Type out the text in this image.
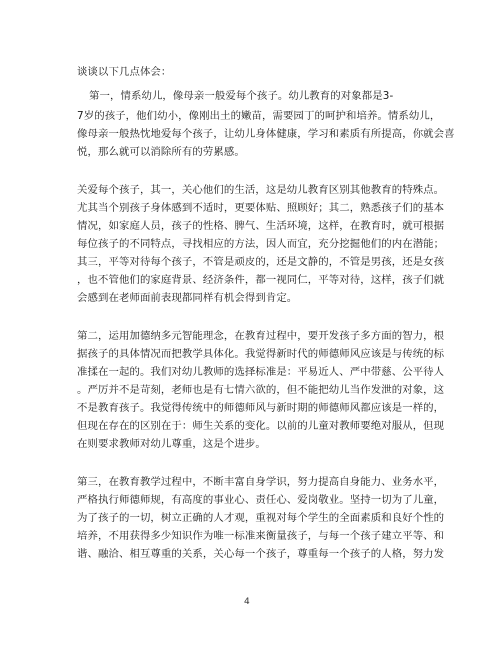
谈谈以下几点体会：
第一，情系幼儿，像母亲一般爱每个孩子。幼儿教育的对象都是3-
7岁的孩子，他们幼小，像刚出土的嫩苗，需要园丁的呵护和培养。情系幼儿，
像母亲一般热忱地爱每个孩子，让幼儿身体健康，学习和素质有所提高，你就会喜
悦，那么就可以消除所有的劳累感。
关爱每个孩子，其一，关心他们的生活，这是幼儿教育区别其他教育的特殊点。
尤其当个别孩子身体感到不适时，更要体贴、照顾好；其二，熟悉孩子们的基本
情况，如家庭人员，孩子的性格、脾气、生活环境，这样，在教育时，就可根据
每位孩子的不同特点，寻找相应的方法，因人而宜，充分挖掘他们的内在潜能；
其三，平等对待每个孩子，不管是顽皮的，还是文静的，不管是男孩，还是女孩
，也不管他们的家庭背景、经济条件，都一视同仁，平等对待，这样，孩子们就
会感到在老师面前表现都同样有机会得到肯定。
第二，运用加德纳多元智能理念，在教育过程中，要开发孩子多方面的智力，根
据孩子的具体情况而把教学具体化。我觉得新时代的师德师风应该是与传统的标
准揉在一起的。我们对幼儿教师的选择标准是：平易近人、严中带慈、公平待人
。严厉并不是苛刻，老师也是有七情六欲的，但不能把幼儿当作发泄的对象，这
不是教育孩子。我觉得传统中的师德师风与新时期的师德师风都应该是一样的，
但现在存在的区别在于：师生关系的变化。以前的儿童对教师要绝对服从，但现
在则要求教师对幼儿尊重，这是个进步。
第三，在教育教学过程中，不断丰富自身学识，努力提高自身能力、业务水平，
严格执行师德师规，有高度的事业心、责任心、爱岗敬业。坚持一切为了儿童，
为了孩子的一切，树立正确的人才观，重视对每个学生的全面素质和良好个性的
培养，不用获得多少知识作为唯一标准来衡量孩子，与每一个孩子建立平等、和
谐、融洽、相互尊重的关系，关心每一个孩子，尊重每一个孩子的人格，努力发
4
